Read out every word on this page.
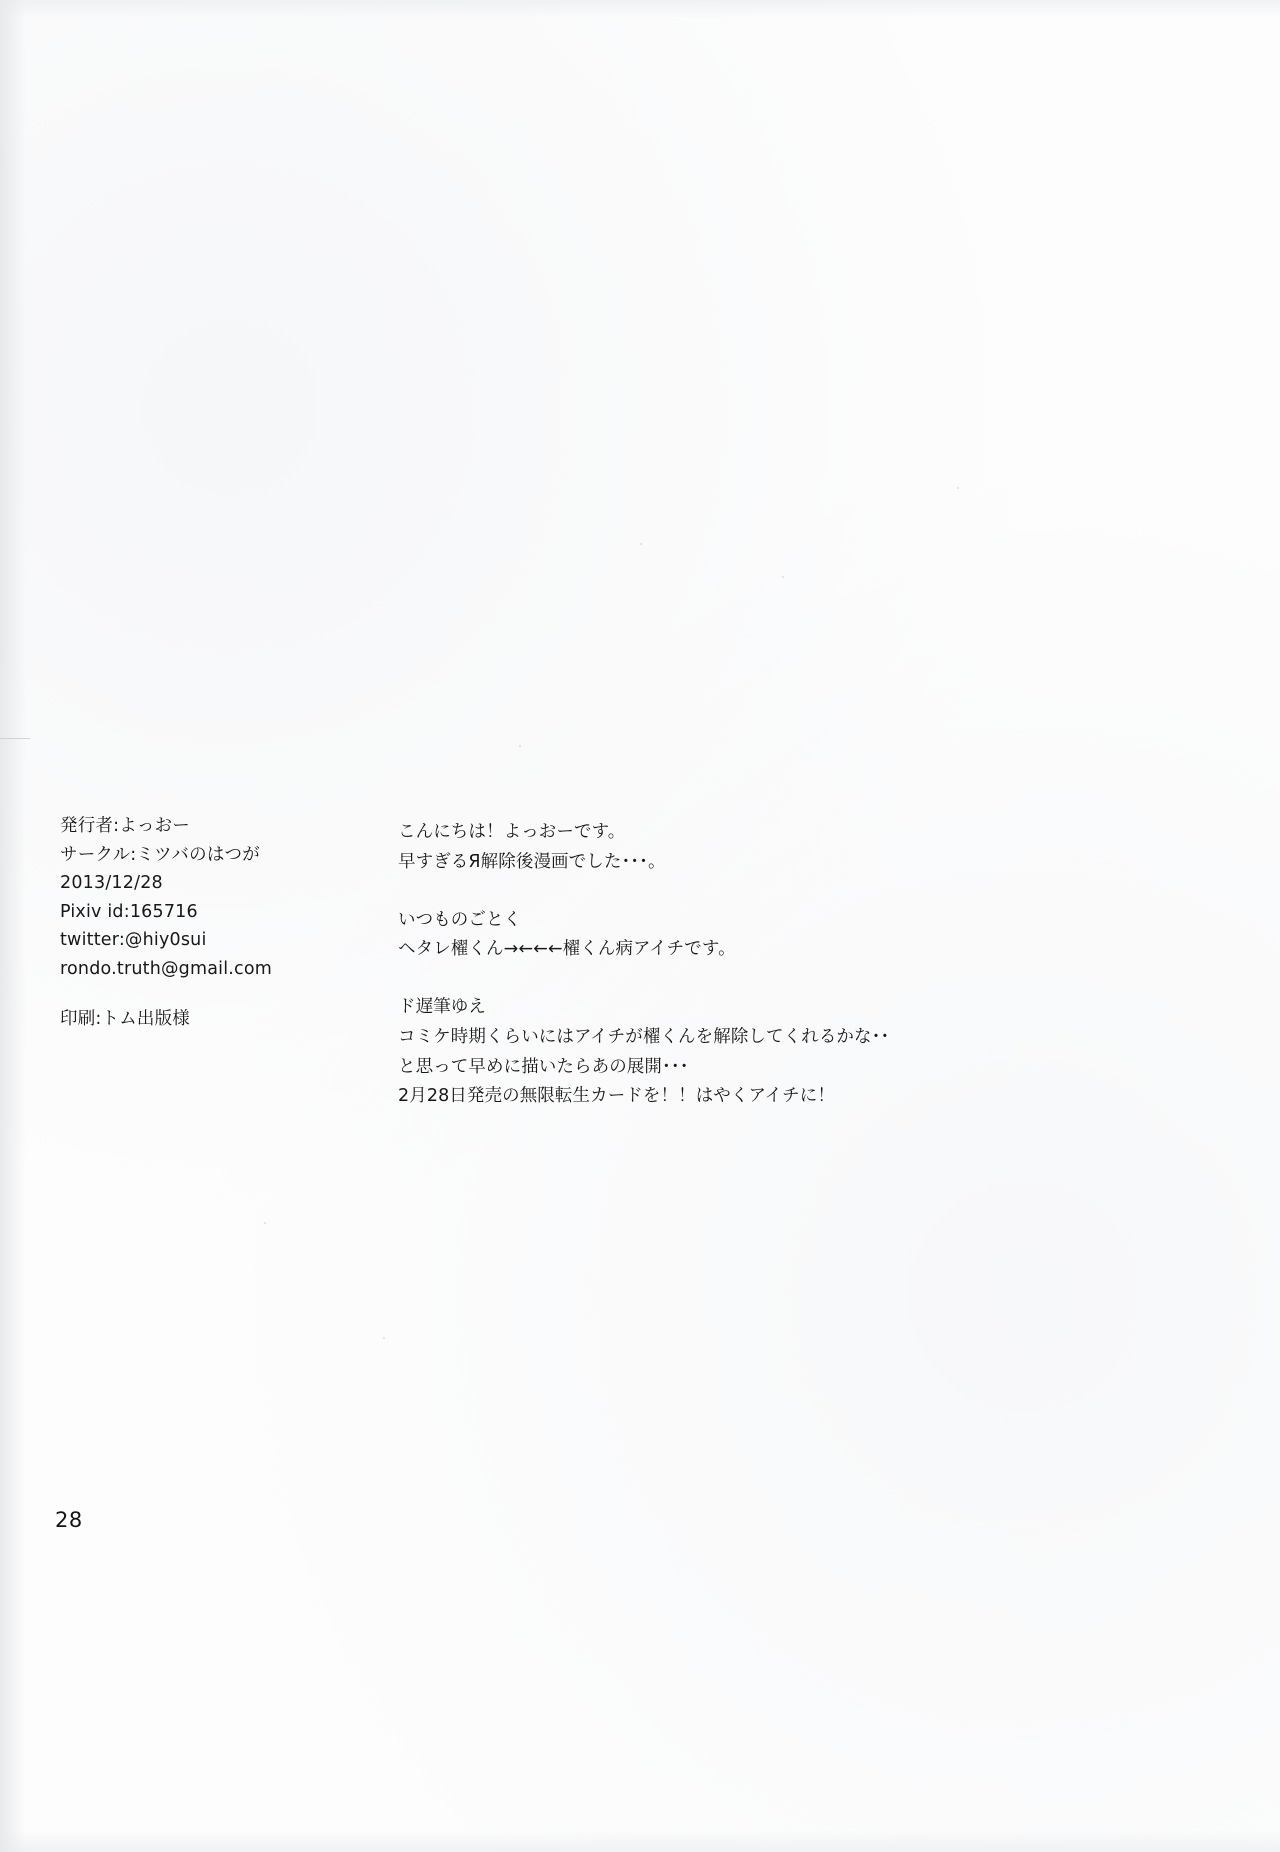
発行者:よっおー
サークル:ミツバのはつが
2013/12/28
Pixiv id:165716
twitter:@hiy0sui
rondo.truth@gmail.com
印刷:トム出版様

こんにちは！よっおーです。
早すぎるЯ解除後漫画でした･･･。

いつものごとく
ヘタレ櫂くん→←←←櫂くん病アイチです。

ド遅筆ゆえ
コミケ時期くらいにはアイチが櫂くんを解除してくれるかな･･
と思って早めに描いたらあの展開･･･
2月28日発売の無限転生カードを！！はやくアイチに！

28
